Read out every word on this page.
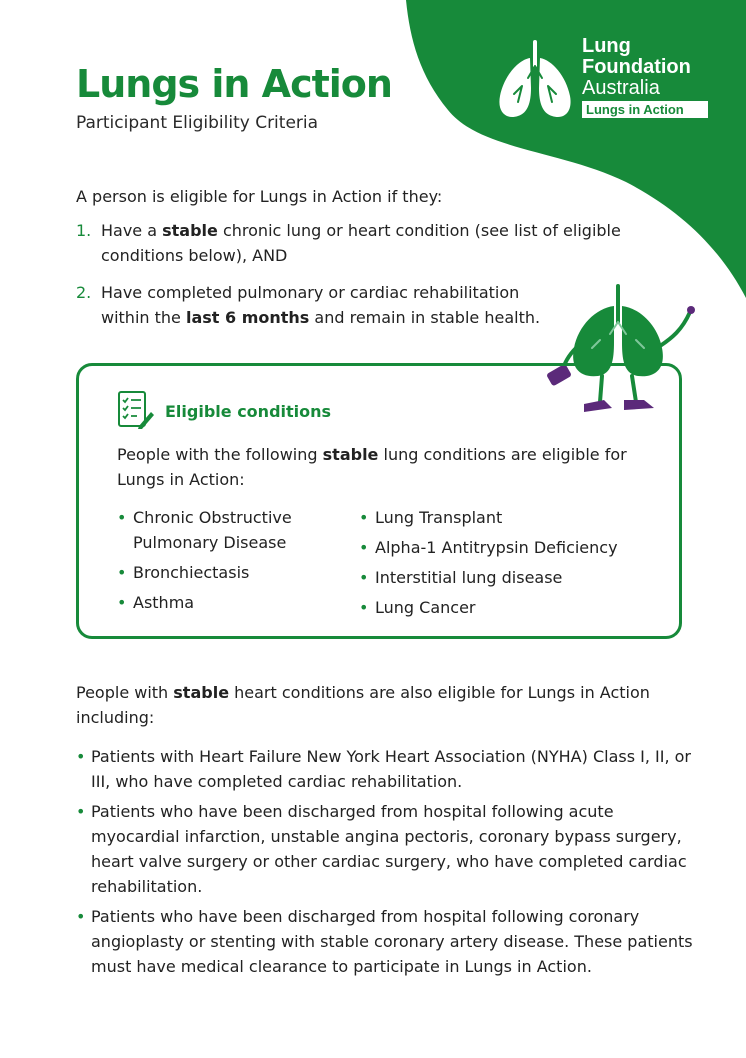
Lung
Foundation
Australia
Lungs in Action
Lungs in Action

Participant Eligibility Criteria

A person is eligible for Lungs in Action if they:

1. Have a stable chronic lung or heart condition (see list of eligible conditions below), AND

2. Have completed pulmonary or cardiac rehabilitation within the last 6 months and remain in stable health.

Eligible conditions

People with the following stable lung conditions are eligible for Lungs in Action:

• Chronic Obstructive Pulmonary Disease
• Bronchiectasis
• Asthma
• Lung Transplant
• Alpha-1 Antitrypsin Deficiency
• Interstitial lung disease
• Lung Cancer

People with stable heart conditions are also eligible for Lungs in Action including:

• Patients with Heart Failure New York Heart Association (NYHA) Class I, II, or III, who have completed cardiac rehabilitation.
• Patients who have been discharged from hospital following acute myocardial infarction, unstable angina pectoris, coronary bypass surgery, heart valve surgery or other cardiac surgery, who have completed cardiac rehabilitation.
• Patients who have been discharged from hospital following coronary angioplasty or stenting with stable coronary artery disease. These patients must have medical clearance to participate in Lungs in Action.
